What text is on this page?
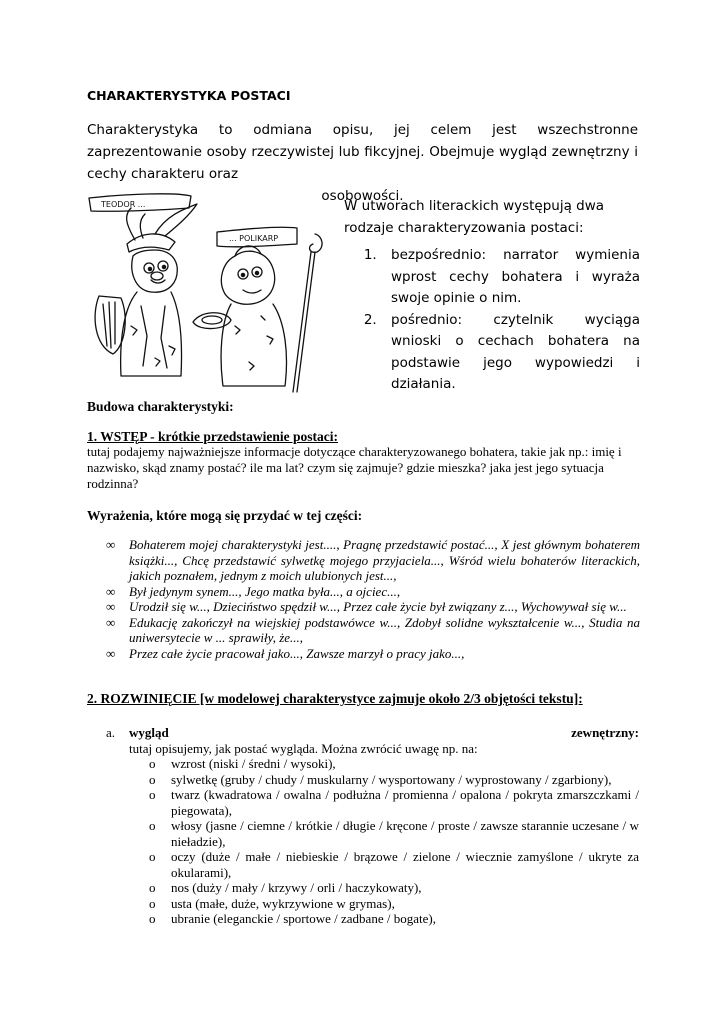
CHARAKTERYSTYKA POSTACI
Charakterystyka to odmiana opisu, jej celem jest wszechstronne zaprezentowanie osoby rzeczywistej lub fikcyjnej. Obejmuje wygląd zewnętrzny i cechy charakteru oraz
osobowości.
TEODOR ...
... POLIKARP
W utworach literackich występują dwa rodzaje charakteryzowania postaci:
1. bezpośrednio: narrator wymienia wprost cechy bohatera i wyraża swoje opinie o nim.
2. pośrednio: czytelnik wyciąga wnioski o cechach bohatera na podstawie jego wypowiedzi i działania.
Budowa charakterystyki:
1. WSTĘP - krótkie przedstawienie postaci:
tutaj podajemy najważniejsze informacje dotyczące charakteryzowanego bohatera, takie jak np.: imię i nazwisko, skąd znamy postać? ile ma lat? czym się zajmuje? gdzie mieszka? jaka jest jego sytuacja rodzinna?
Wyrażenia, które mogą się przydać w tej części:
∞ Bohaterem mojej charakterystyki jest...., Pragnę przedstawić postać..., X jest głównym bohaterem książki..., Chcę przedstawić sylwetkę mojego przyjaciela..., Wśród wielu bohaterów literackich, jakich poznałem, jednym z moich ulubionych jest...,
∞ Był jedynym synem..., Jego matka była..., a ojciec...,
∞ Urodził się w..., Dzieciństwo spędził w..., Przez całe życie był związany z..., Wychowywał się w...
∞ Edukację zakończył na wiejskiej podstawówce w..., Zdobył solidne wykształcenie w..., Studia na uniwersytecie w ... sprawiły, że...,
∞ Przez całe życie pracował jako..., Zawsze marzył o pracy jako...,
2. ROZWINIĘCIE [w modelowej charakterystyce zajmuje około 2/3 objętości tekstu]:
a.	wygląd	zewnętrzny:
tutaj opisujemy, jak postać wygląda. Można zwrócić uwagę np. na:
o wzrost (niski / średni / wysoki),
o sylwetkę (gruby / chudy / muskularny / wysportowany / wyprostowany / zgarbiony),
o twarz (kwadratowa / owalna / podłużna / promienna / opalona / pokryta zmarszczkami / piegowata),
o włosy (jasne / ciemne / krótkie / długie / kręcone / proste / zawsze starannie uczesane / w nieładzie),
o oczy (duże / małe / niebieskie / brązowe / zielone / wiecznie zamyślone / ukryte za okularami),
o nos (duży / mały / krzywy / orli / haczykowaty),
o usta (małe, duże, wykrzywione w grymas),
o ubranie (eleganckie / sportowe / zadbane / bogate),
